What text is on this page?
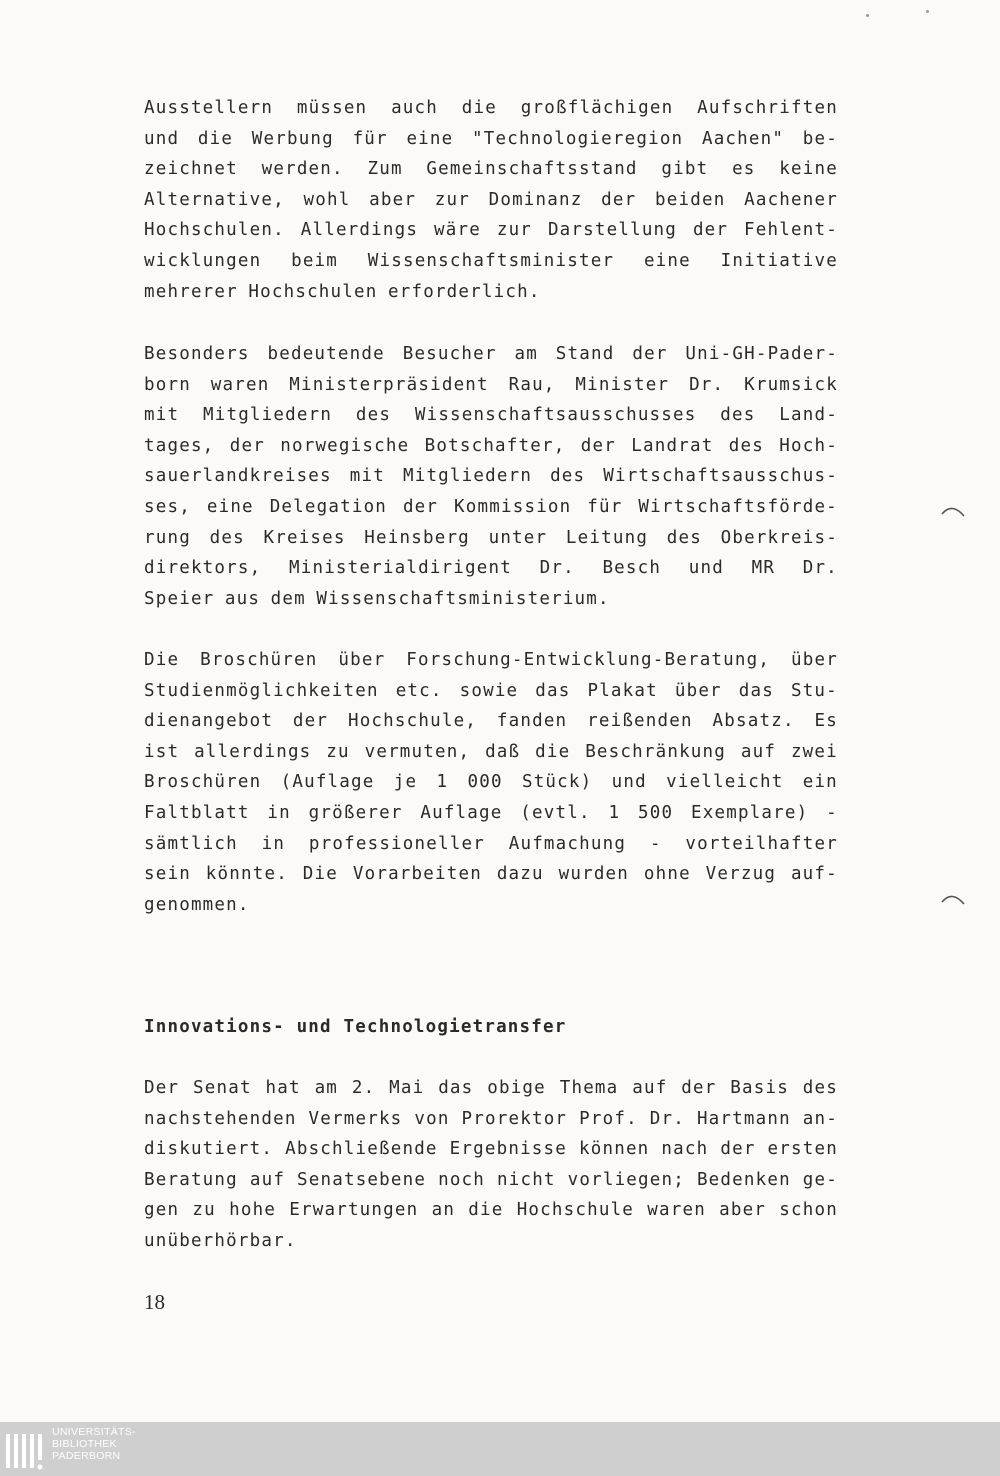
Ausstellern müssen auch die großflächigen Aufschriften
und die Werbung für eine "Technologieregion Aachen" be-
zeichnet werden. Zum Gemeinschaftsstand gibt es keine
Alternative, wohl aber zur Dominanz der beiden Aachener
Hochschulen. Allerdings wäre zur Darstellung der Fehlent-
wicklungen beim Wissenschaftsminister eine Initiative
mehrerer Hochschulen erforderlich.
Besonders bedeutende Besucher am Stand der Uni-GH-Pader-
born waren Ministerpräsident Rau, Minister Dr. Krumsick
mit Mitgliedern des Wissenschaftsausschusses des Land-
tages, der norwegische Botschafter, der Landrat des Hoch-
sauerlandkreises mit Mitgliedern des Wirtschaftsausschus-
ses, eine Delegation der Kommission für Wirtschaftsförde-
rung des Kreises Heinsberg unter Leitung des Oberkreis-
direktors, Ministerialdirigent Dr. Besch und MR Dr.
Speier aus dem Wissenschaftsministerium.
Die Broschüren über Forschung-Entwicklung-Beratung, über
Studienmöglichkeiten etc. sowie das Plakat über das Stu-
dienangebot der Hochschule, fanden reißenden Absatz. Es
ist allerdings zu vermuten, daß die Beschränkung auf zwei
Broschüren (Auflage je 1 000 Stück) und vielleicht ein
Faltblatt in größerer Auflage (evtl. 1 500 Exemplare) -
sämtlich in professioneller Aufmachung - vorteilhafter
sein könnte. Die Vorarbeiten dazu wurden ohne Verzug auf-
genommen.
Innovations- und Technologietransfer
Der Senat hat am 2. Mai das obige Thema auf der Basis des
nachstehenden Vermerks von Prorektor Prof. Dr. Hartmann an-
diskutiert. Abschließende Ergebnisse können nach der ersten
Beratung auf Senatsebene noch nicht vorliegen; Bedenken ge-
gen zu hohe Erwartungen an die Hochschule waren aber schon
unüberhörbar.
18
UNIVERSITÄTS-
BIBLIOTHEK
PADERBORN
